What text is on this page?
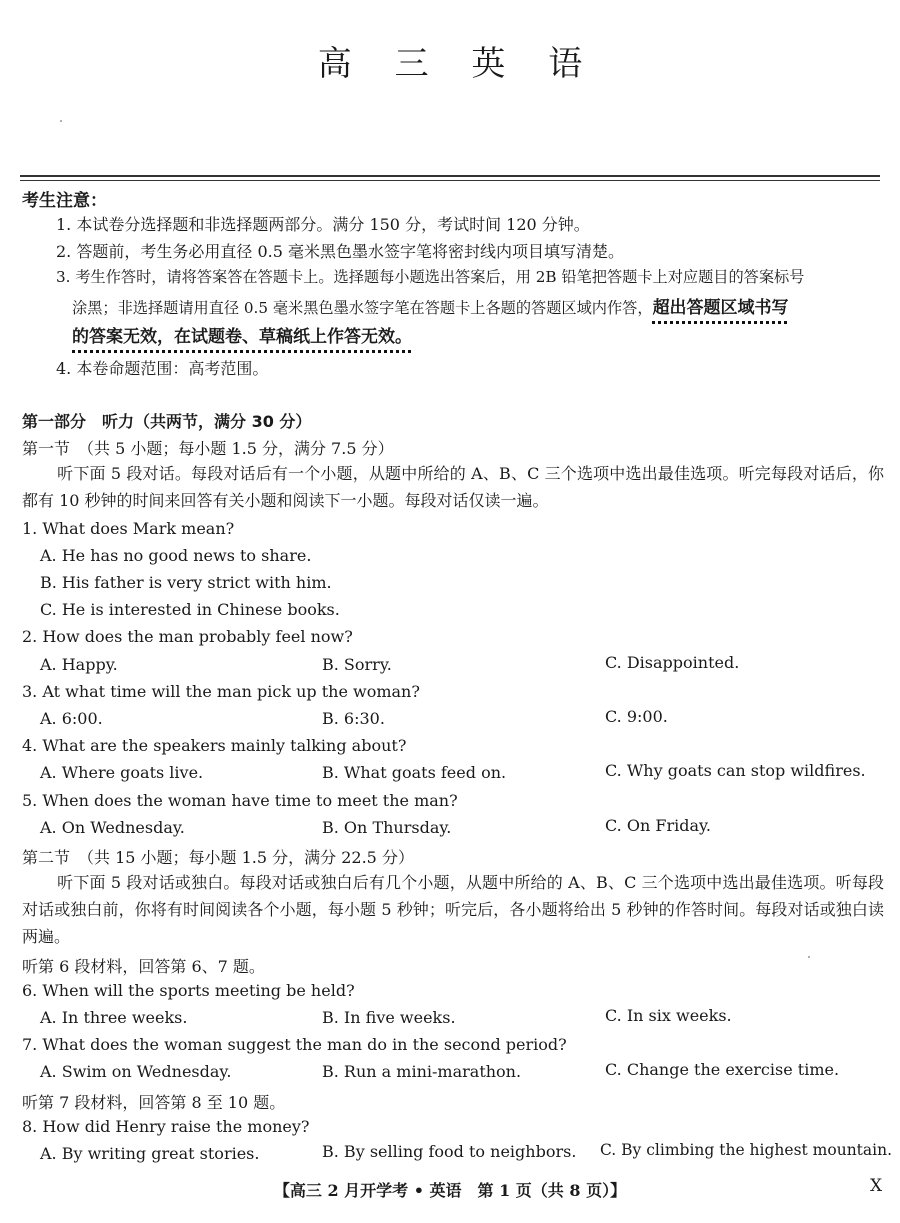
高 三 英 语
考生注意：
1. 本试卷分选择题和非选择题两部分。满分 150 分，考试时间 120 分钟。
2. 答题前，考生务必用直径 0.5 毫米黑色墨水签字笔将密封线内项目填写清楚。
3. 考生作答时，请将答案答在答题卡上。选择题每小题选出答案后，用 2B 铅笔把答题卡上对应题目的答案标号
涂黑；非选择题请用直径 0.5 毫米黑色墨水签字笔在答题卡上各题的答题区域内作答，超出答题区域书写
的答案无效，在试题卷、草稿纸上作答无效。
4. 本卷命题范围：高考范围。
第一部分　听力（共两节，满分 30 分）
第一节　（共 5 小题；每小题 1.5 分，满分 7.5 分）
听下面 5 段对话。每段对话后有一个小题，从题中所给的 A、B、C 三个选项中选出最佳选项。听完每段对话后，你都有 10 秒钟的时间来回答有关小题和阅读下一小题。每段对话仅读一遍。
1. What does Mark mean?
A. He has no good news to share.
B. His father is very strict with him.
C. He is interested in Chinese books.
2. How does the man probably feel now?
A. Happy.	B. Sorry.	C. Disappointed.
3. At what time will the man pick up the woman?
A. 6:00.	B. 6:30.	C. 9:00.
4. What are the speakers mainly talking about?
A. Where goats live.	B. What goats feed on.	C. Why goats can stop wildfires.
5. When does the woman have time to meet the man?
A. On Wednesday.	B. On Thursday.	C. On Friday.
第二节　（共 15 小题；每小题 1.5 分，满分 22.5 分）
听下面 5 段对话或独白。每段对话或独白后有几个小题，从题中所给的 A、B、C 三个选项中选出最佳选项。听每段对话或独白前，你将有时间阅读各个小题，每小题 5 秒钟；听完后，各小题将给出 5 秒钟的作答时间。每段对话或独白读两遍。
听第 6 段材料，回答第 6、7 题。
6. When will the sports meeting be held?
A. In three weeks.	B. In five weeks.	C. In six weeks.
7. What does the woman suggest the man do in the second period?
A. Swim on Wednesday.	B. Run a mini-marathon.	C. Change the exercise time.
听第 7 段材料，回答第 8 至 10 题。
8. How did Henry raise the money?
A. By writing great stories.	B. By selling food to neighbors. C. By climbing the highest mountain.
【高三 2 月开学考 • 英语　第 1 页（共 8 页）】	X
